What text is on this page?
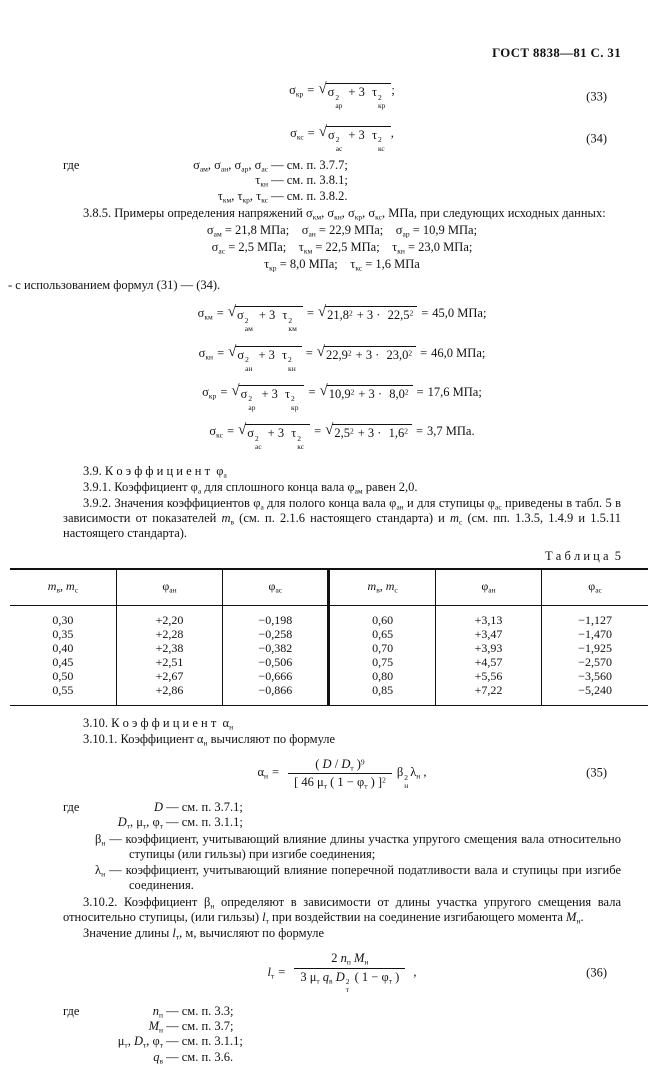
ГОСТ 8838—81 С. 31
$\sigma_{кр}$ = √ σ 2
ар
+ 3 τ 2
кр
;	(33)
$\sigma_{кс}$ = √ σ 2
ас
+ 3 τ 2
кс
,	(34)
где	$\sigma_{ам}$, $\sigma_{ан}$, $\sigma_{ар}$, $\sigma_{ас}$ — см. п. 3.7.7;
$\tau_{кн}$ — см. п. 3.8.1;
$\tau_{км}$, $\tau_{кр}$, $\tau_{кс}$ — см. п. 3.8.2.
3.8.5. Примеры определения напряжений $\sigma_{км}$, $\sigma_{кн}$, $\sigma_{кр}$, $\sigma_{кс}$, МПа, при следующих исходных данных:
$\sigma_{ам} = 21,8$ МПа;    $\sigma_{ан} = 22,9$ МПа;    $\sigma_{ар} = 10,9$ МПа;
$\sigma_{ас} = 2,5$ МПа;    $\tau_{км} = 22,5$ МПа;    $\tau_{кн} = 23,0$ МПа;
$\tau_{кр} = 8,0$ МПа;    $\tau_{кс} = 1,6$ МПа
- с использованием формул (31) — (34).
$\sigma_{км}$ = √ σ 2
ам
+ 3 τ 2
км
= √ $21,8^2 + 3 \cdot 22,5^2 = 45,0$ МПа;
$\sigma_{кн}$ = √ σ 2
ан
+ 3 τ 2
кн
= √ $22,9^2 + 3 \cdot 23,0^2 = 46,0$ МПа;
$\sigma_{кр}$ = √ σ 2
ар
+ 3 τ 2
кр
= √ $10,9^2 + 3 \cdot 8,0^2 = 17,6$ МПа;
$\sigma_{кс}$ = √ σ 2
ас
+ 3 τ 2
кс
= √ $2,5^2 + 3 \cdot 1,6^2 = 3,7$ МПа.
3.9. К о э ф ф и ц и е н т  $\varphi_а$
3.9.1. Коэффициент $\varphi_а$ для сплошного конца вала $\varphi_{ам}$ равен 2,0.
3.9.2. Значения коэффициентов $\varphi_а$ для полого конца вала $\varphi_{ан}$ и для ступицы $\varphi_{ас}$ приведены в табл. 5 в зависимости от показателей $m_в$ (см. п. 2.1.6 настоящего стандарта) и $m_с$ (см. пп. 1.3.5, 1.4.9 и 1.5.11 настоящего стандарта).
Т а б л и ц а  5
$m_в$, $m_с$	$\varphi_{ан}$	$\varphi_{ас}$	$m_в$, $m_с$	$\varphi_{ан}$	$\varphi_{ас}$
0,30	+2,20	−0,198	0,60	+3,13	−1,127
0,35	+2,28	−0,258	0,65	+3,47	−1,470
0,40	+2,38	−0,382	0,70	+3,93	−1,925
0,45	+2,51	−0,506	0,75	+4,57	−2,570
0,50	+2,67	−0,666	0,80	+5,56	−3,560
0,55	+2,86	−0,866	0,85	+7,22	−5,240
3.10. К о э ф ф и ц и е н т  $\alpha_н$
3.10.1. Коэффициент $\alpha_н$ вычисляют по формуле
$\alpha_н = \frac{( D / D_т )^9}{[ 46 \mu_т ( 1 - \varphi_т ) ]^2}$ β 2
н
$\lambda_н$ ,	(35)
где	D — см. п. 3.7.1;
$D_т$, $\mu_т$, $\varphi_т$ — см. п. 3.1.1;
$\beta_н$ — коэффициент, учитывающий влияние длины участка упругого смещения вала относительно ступицы (или гильзы) при изгибе соединения;
$\lambda_н$ — коэффициент, учитывающий влияние поперечной податливости вала и ступицы при изгибе соединения.
3.10.2. Коэффициент $\beta_н$ определяют в зависимости от длины участка упругого смещения вала относительно ступицы, (или гильзы) $l_т$ при воздействии на соединение изгибающего момента $M_н$.
Значение длины $l_т$, м, вычисляют по формуле
$l_т = 2$ $n_п$ $M_н$
3 $\mu_т$ $q_в$ D 2
т
( $1 - \varphi_т$ ) ,	(36)
где	$n_п$ — см. п. 3.3;
$M_н$ — см. п. 3.7;
$\mu_т$, $D_т$, $\varphi_т$ — см. п. 3.1.1;
$q_в$ — см. п. 3.6.
